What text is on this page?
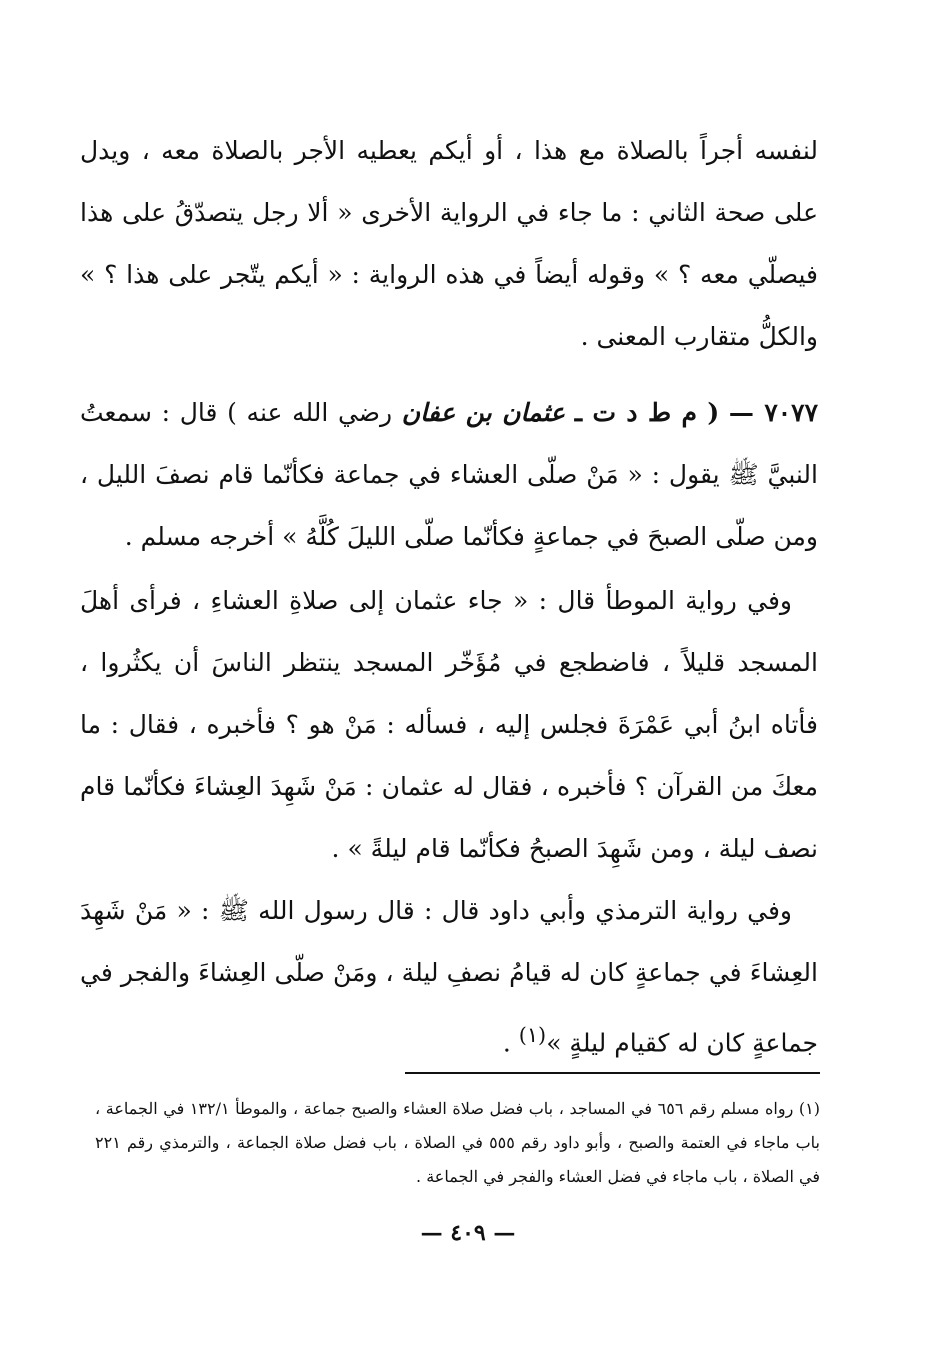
لنفسه أجراً بالصلاة مع هذا ، أو أيكم يعطيه الأجر بالصلاة معه ، ويدل على صحة الثاني : ما جاء في الرواية الأخرى « ألا رجل يتصدّقُ على هذا فيصلّي معه ؟ » وقوله أيضاً في هذه الرواية : « أيكم يتّجر على هذا ؟ » والكلُّ متقارب المعنى .

٧٠٧٧ — ( م ط د ت ـ عثمان بن عفان رضي الله عنه ) قال : سمعتُ النبيَّ ﷺ يقول : « مَنْ صلّى العشاء في جماعة فكأنّما قام نصفَ الليل ، ومن صلّى الصبحَ في جماعةٍ فكأنّما صلّى الليلَ كُلَّهُ » أخرجه مسلم .

وفي رواية الموطأ قال : « جاء عثمان إلى صلاةِ العشاءِ ، فرأى أهلَ المسجد قليلاً ، فاضطجع في مُؤَخّر المسجد ينتظر الناسَ أن يكثُروا ، فأتاه ابنُ أبي عَمْرَةَ فجلس إليه ، فسأله : مَنْ هو ؟ فأخبره ، فقال : ما معكَ من القرآن ؟ فأخبره ، فقال له عثمان : مَنْ شَهِدَ العِشاءَ فكأنّما قام نصف ليلة ، ومن شَهِدَ الصبحُ فكأنّما قام ليلةً » .

وفي رواية الترمذي وأبي داود قال : قال رسول الله ﷺ : « مَنْ شَهِدَ العِشاءَ في جماعةٍ كان له قيامُ نصفِ ليلة ، ومَنْ صلّى العِشاءَ والفجر في جماعةٍ كان له كقيام ليلةٍ »$^{(١)}$ .

(١) رواه مسلم رقم ٦٥٦ في المساجد ، باب فضل صلاة العشاء والصبح جماعة ، والموطأ ١٣٢/١ في الجماعة ، باب ماجاء في العتمة والصبح ، وأبو داود رقم ٥٥٥ في الصلاة ، باب فضل صلاة الجماعة ، والترمذي رقم ٢٢١ في الصلاة ، باب ماجاء في فضل العشاء والفجر في الجماعة .

— ٤٠٩ —
